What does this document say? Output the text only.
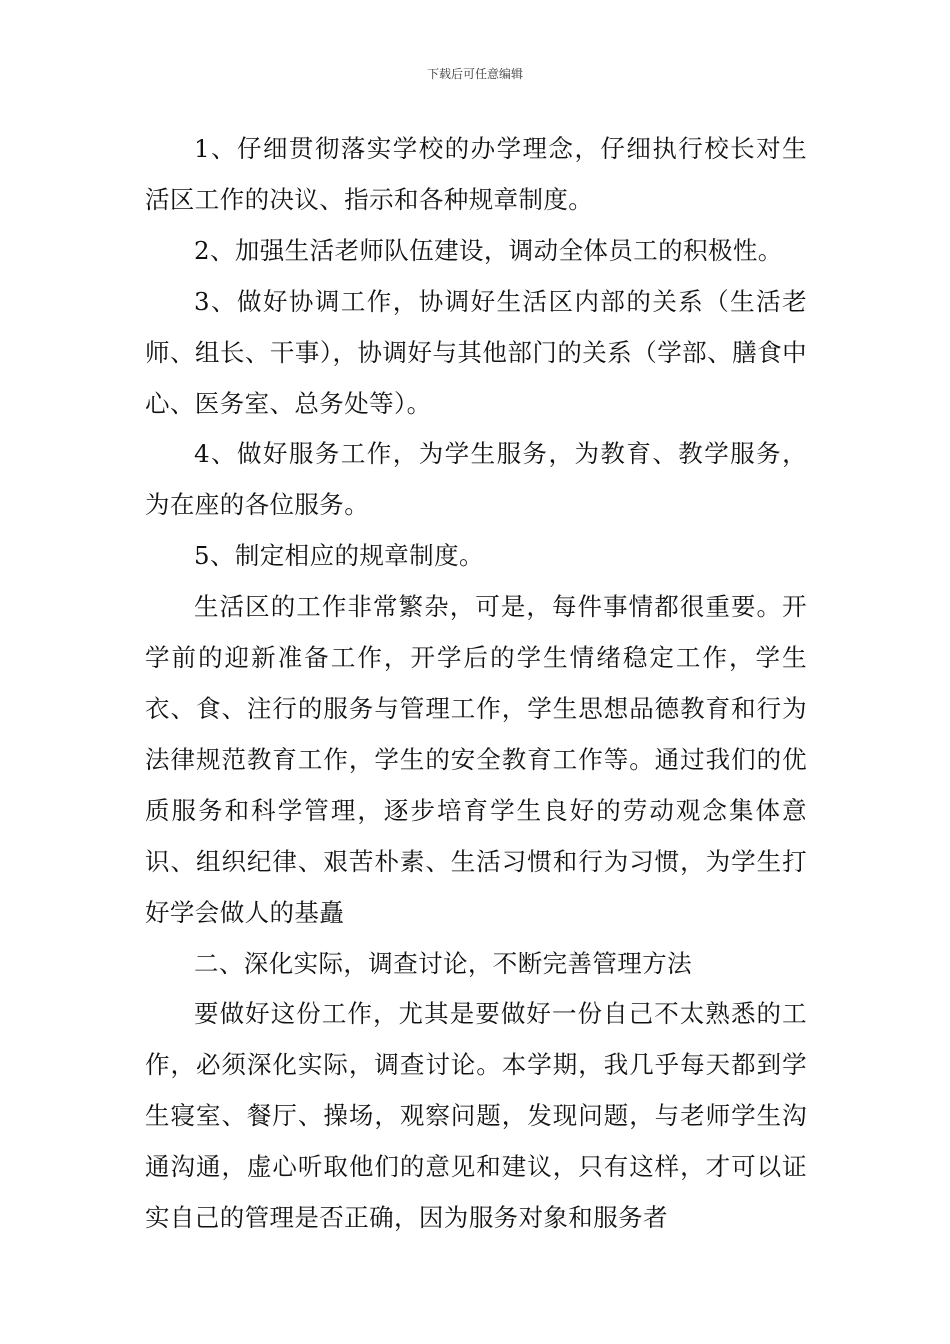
下载后可任意编辑

1、仔细贯彻落实学校的办学理念，仔细执行校长对生活区工作的决议、指示和各种规章制度。

2、加强生活老师队伍建设，调动全体员工的积极性。

3、做好协调工作，协调好生活区内部的关系（生活老师、组长、干事），协调好与其他部门的关系（学部、膳食中心、医务室、总务处等）。

4、做好服务工作，为学生服务，为教育、教学服务，为在座的各位服务。

5、制定相应的规章制度。

生活区的工作非常繁杂，可是，每件事情都很重要。开学前的迎新准备工作，开学后的学生情绪稳定工作，学生衣、食、注行的服务与管理工作，学生思想品德教育和行为法律规范教育工作，学生的安全教育工作等。通过我们的优质服务和科学管理，逐步培育学生良好的劳动观念集体意识、组织纪律、艰苦朴素、生活习惯和行为习惯，为学生打好学会做人的基矗

二、深化实际，调查讨论，不断完善管理方法

要做好这份工作，尤其是要做好一份自己不太熟悉的工作，必须深化实际，调查讨论。本学期，我几乎每天都到学生寝室、餐厅、操场，观察问题，发现问题，与老师学生沟通沟通，虚心听取他们的意见和建议，只有这样，才可以证实自己的管理是否正确，因为服务对象和服务者
